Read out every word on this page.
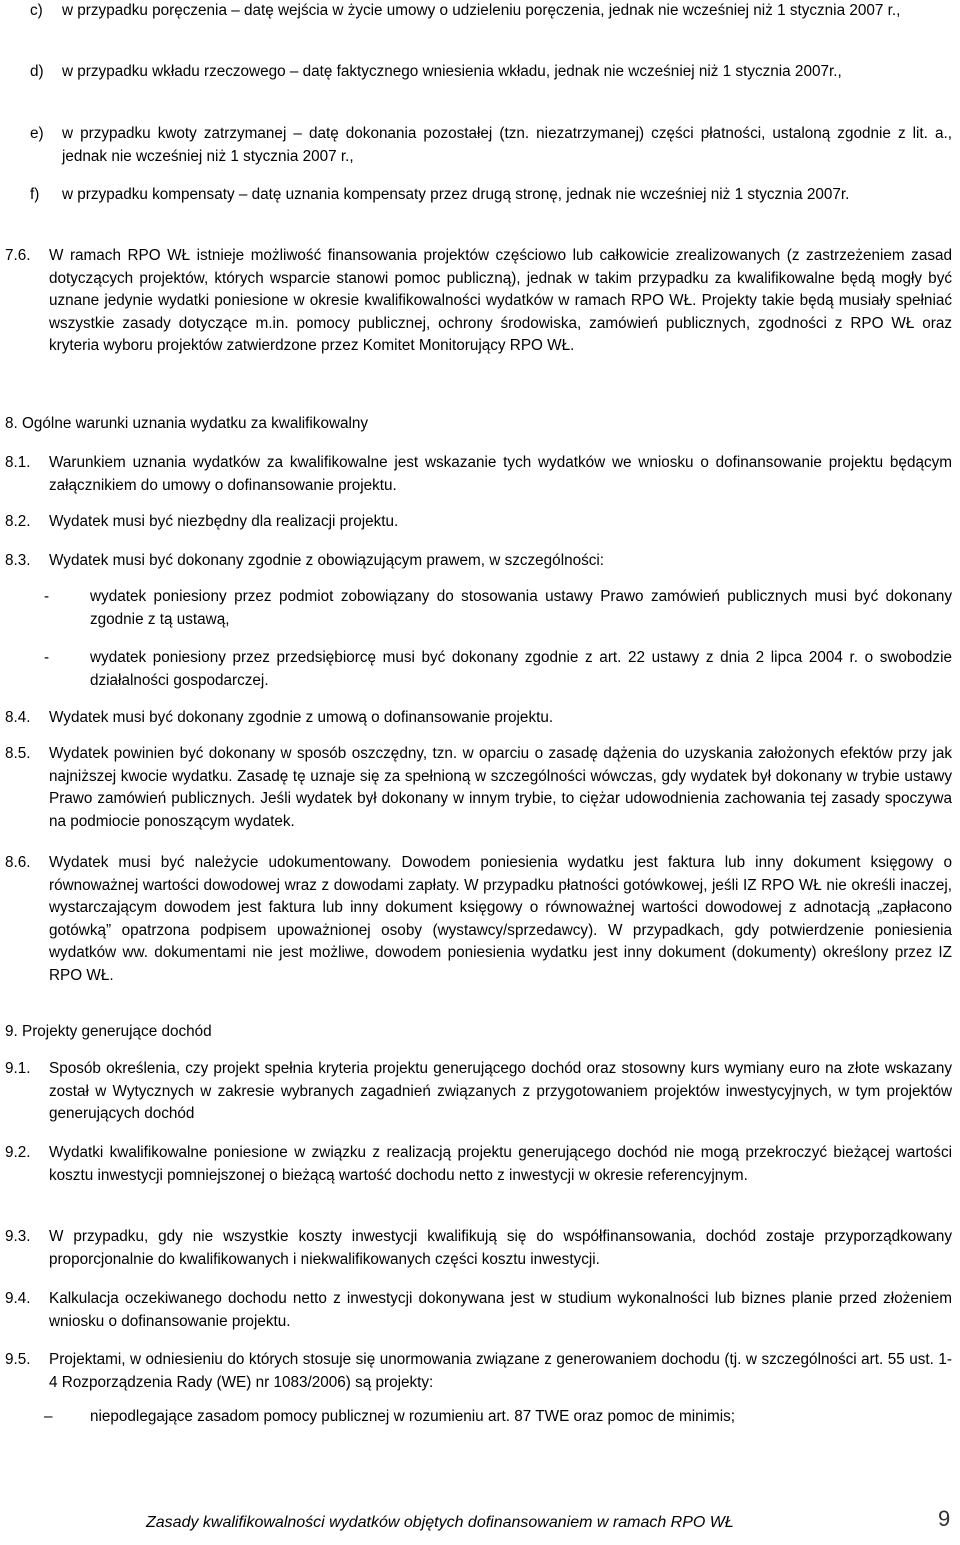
c) w przypadku poręczenia – datę wejścia w życie umowy o udzieleniu poręczenia, jednak nie wcześniej niż 1 stycznia 2007 r.,
d) w przypadku wkładu rzeczowego – datę faktycznego wniesienia wkładu, jednak nie wcześniej niż 1 stycznia 2007r.,
e) w przypadku kwoty zatrzymanej – datę dokonania pozostałej (tzn. niezatrzymanej) części płatności, ustaloną zgodnie z lit. a., jednak nie wcześniej niż 1 stycznia 2007 r.,
f) w przypadku kompensaty – datę uznania kompensaty przez drugą stronę, jednak nie wcześniej niż 1 stycznia 2007r.
7.6. W ramach RPO WŁ istnieje możliwość finansowania projektów częściowo lub całkowicie zrealizowanych (z zastrzeżeniem zasad dotyczących projektów, których wsparcie stanowi pomoc publiczną), jednak w takim przypadku za kwalifikowalne będą mogły być uznane jedynie wydatki poniesione w okresie kwalifikowalności wydatków w ramach RPO WŁ. Projekty takie będą musiały spełniać wszystkie zasady dotyczące m.in. pomocy publicznej, ochrony środowiska, zamówień publicznych, zgodności z RPO WŁ oraz kryteria wyboru projektów zatwierdzone przez Komitet Monitorujący RPO WŁ.
8. Ogólne warunki uznania wydatku za kwalifikowalny
8.1. Warunkiem uznania wydatków za kwalifikowalne jest wskazanie tych wydatków we wniosku o dofinansowanie projektu będącym załącznikiem do umowy o dofinansowanie projektu.
8.2. Wydatek musi być niezbędny dla realizacji projektu.
8.3. Wydatek musi być dokonany zgodnie z obowiązującym prawem, w szczególności:
-	wydatek poniesiony przez podmiot zobowiązany do stosowania ustawy Prawo zamówień publicznych musi być dokonany zgodnie z tą ustawą,
-	wydatek poniesiony przez przedsiębiorcę musi być dokonany zgodnie z art. 22 ustawy z dnia 2 lipca 2004 r. o swobodzie działalności gospodarczej.
8.4. Wydatek musi być dokonany zgodnie z umową o dofinansowanie projektu.
8.5. Wydatek powinien być dokonany w sposób oszczędny, tzn. w oparciu o zasadę dążenia do uzyskania założonych efektów przy jak najniższej kwocie wydatku. Zasadę tę uznaje się za spełnioną w szczególności wówczas, gdy wydatek był dokonany w trybie ustawy Prawo zamówień publicznych. Jeśli wydatek był dokonany w innym trybie, to ciężar udowodnienia zachowania tej zasady spoczywa na podmiocie ponoszącym wydatek.
8.6. Wydatek musi być należycie udokumentowany. Dowodem poniesienia wydatku jest faktura lub inny dokument księgowy o równoważnej wartości dowodowej wraz z dowodami zapłaty. W przypadku płatności gotówkowej, jeśli IZ RPO WŁ nie określi inaczej, wystarczającym dowodem jest faktura lub inny dokument księgowy o równoważnej wartości dowodowej z adnotacją „zapłacono gotówką” opatrzona podpisem upoważnionej osoby (wystawcy/sprzedawcy). W przypadkach, gdy potwierdzenie poniesienia wydatków ww. dokumentami nie jest możliwe, dowodem poniesienia wydatku jest inny dokument (dokumenty) określony przez IZ RPO WŁ.
9. Projekty generujące dochód
9.1. Sposób określenia, czy projekt spełnia kryteria projektu generującego dochód oraz stosowny kurs wymiany euro na złote wskazany został w Wytycznych w zakresie wybranych zagadnień związanych z przygotowaniem projektów inwestycyjnych, w tym projektów generujących dochód
9.2. Wydatki kwalifikowalne poniesione w związku z realizacją projektu generującego dochód nie mogą przekroczyć bieżącej wartości kosztu inwestycji pomniejszonej o bieżącą wartość dochodu netto z inwestycji w okresie referencyjnym.
9.3. W przypadku, gdy nie wszystkie koszty inwestycji kwalifikują się do współfinansowania, dochód zostaje przyporządkowany proporcjonalnie do kwalifikowanych i niekwalifikowanych części kosztu inwestycji.
9.4. Kalkulacja oczekiwanego dochodu netto z inwestycji dokonywana jest w studium wykonalności lub biznes planie przed złożeniem wniosku o dofinansowanie projektu.
9.5. Projektami, w odniesieniu do których stosuje się unormowania związane z generowaniem dochodu (tj. w szczególności art. 55 ust. 1-4 Rozporządzenia Rady (WE) nr 1083/2006) są projekty:
– niepodlegające zasadom pomocy publicznej w rozumieniu art. 87 TWE oraz pomoc de minimis;
Zasady kwalifikowalności wydatków objętych dofinansowaniem w ramach RPO WŁ	9
